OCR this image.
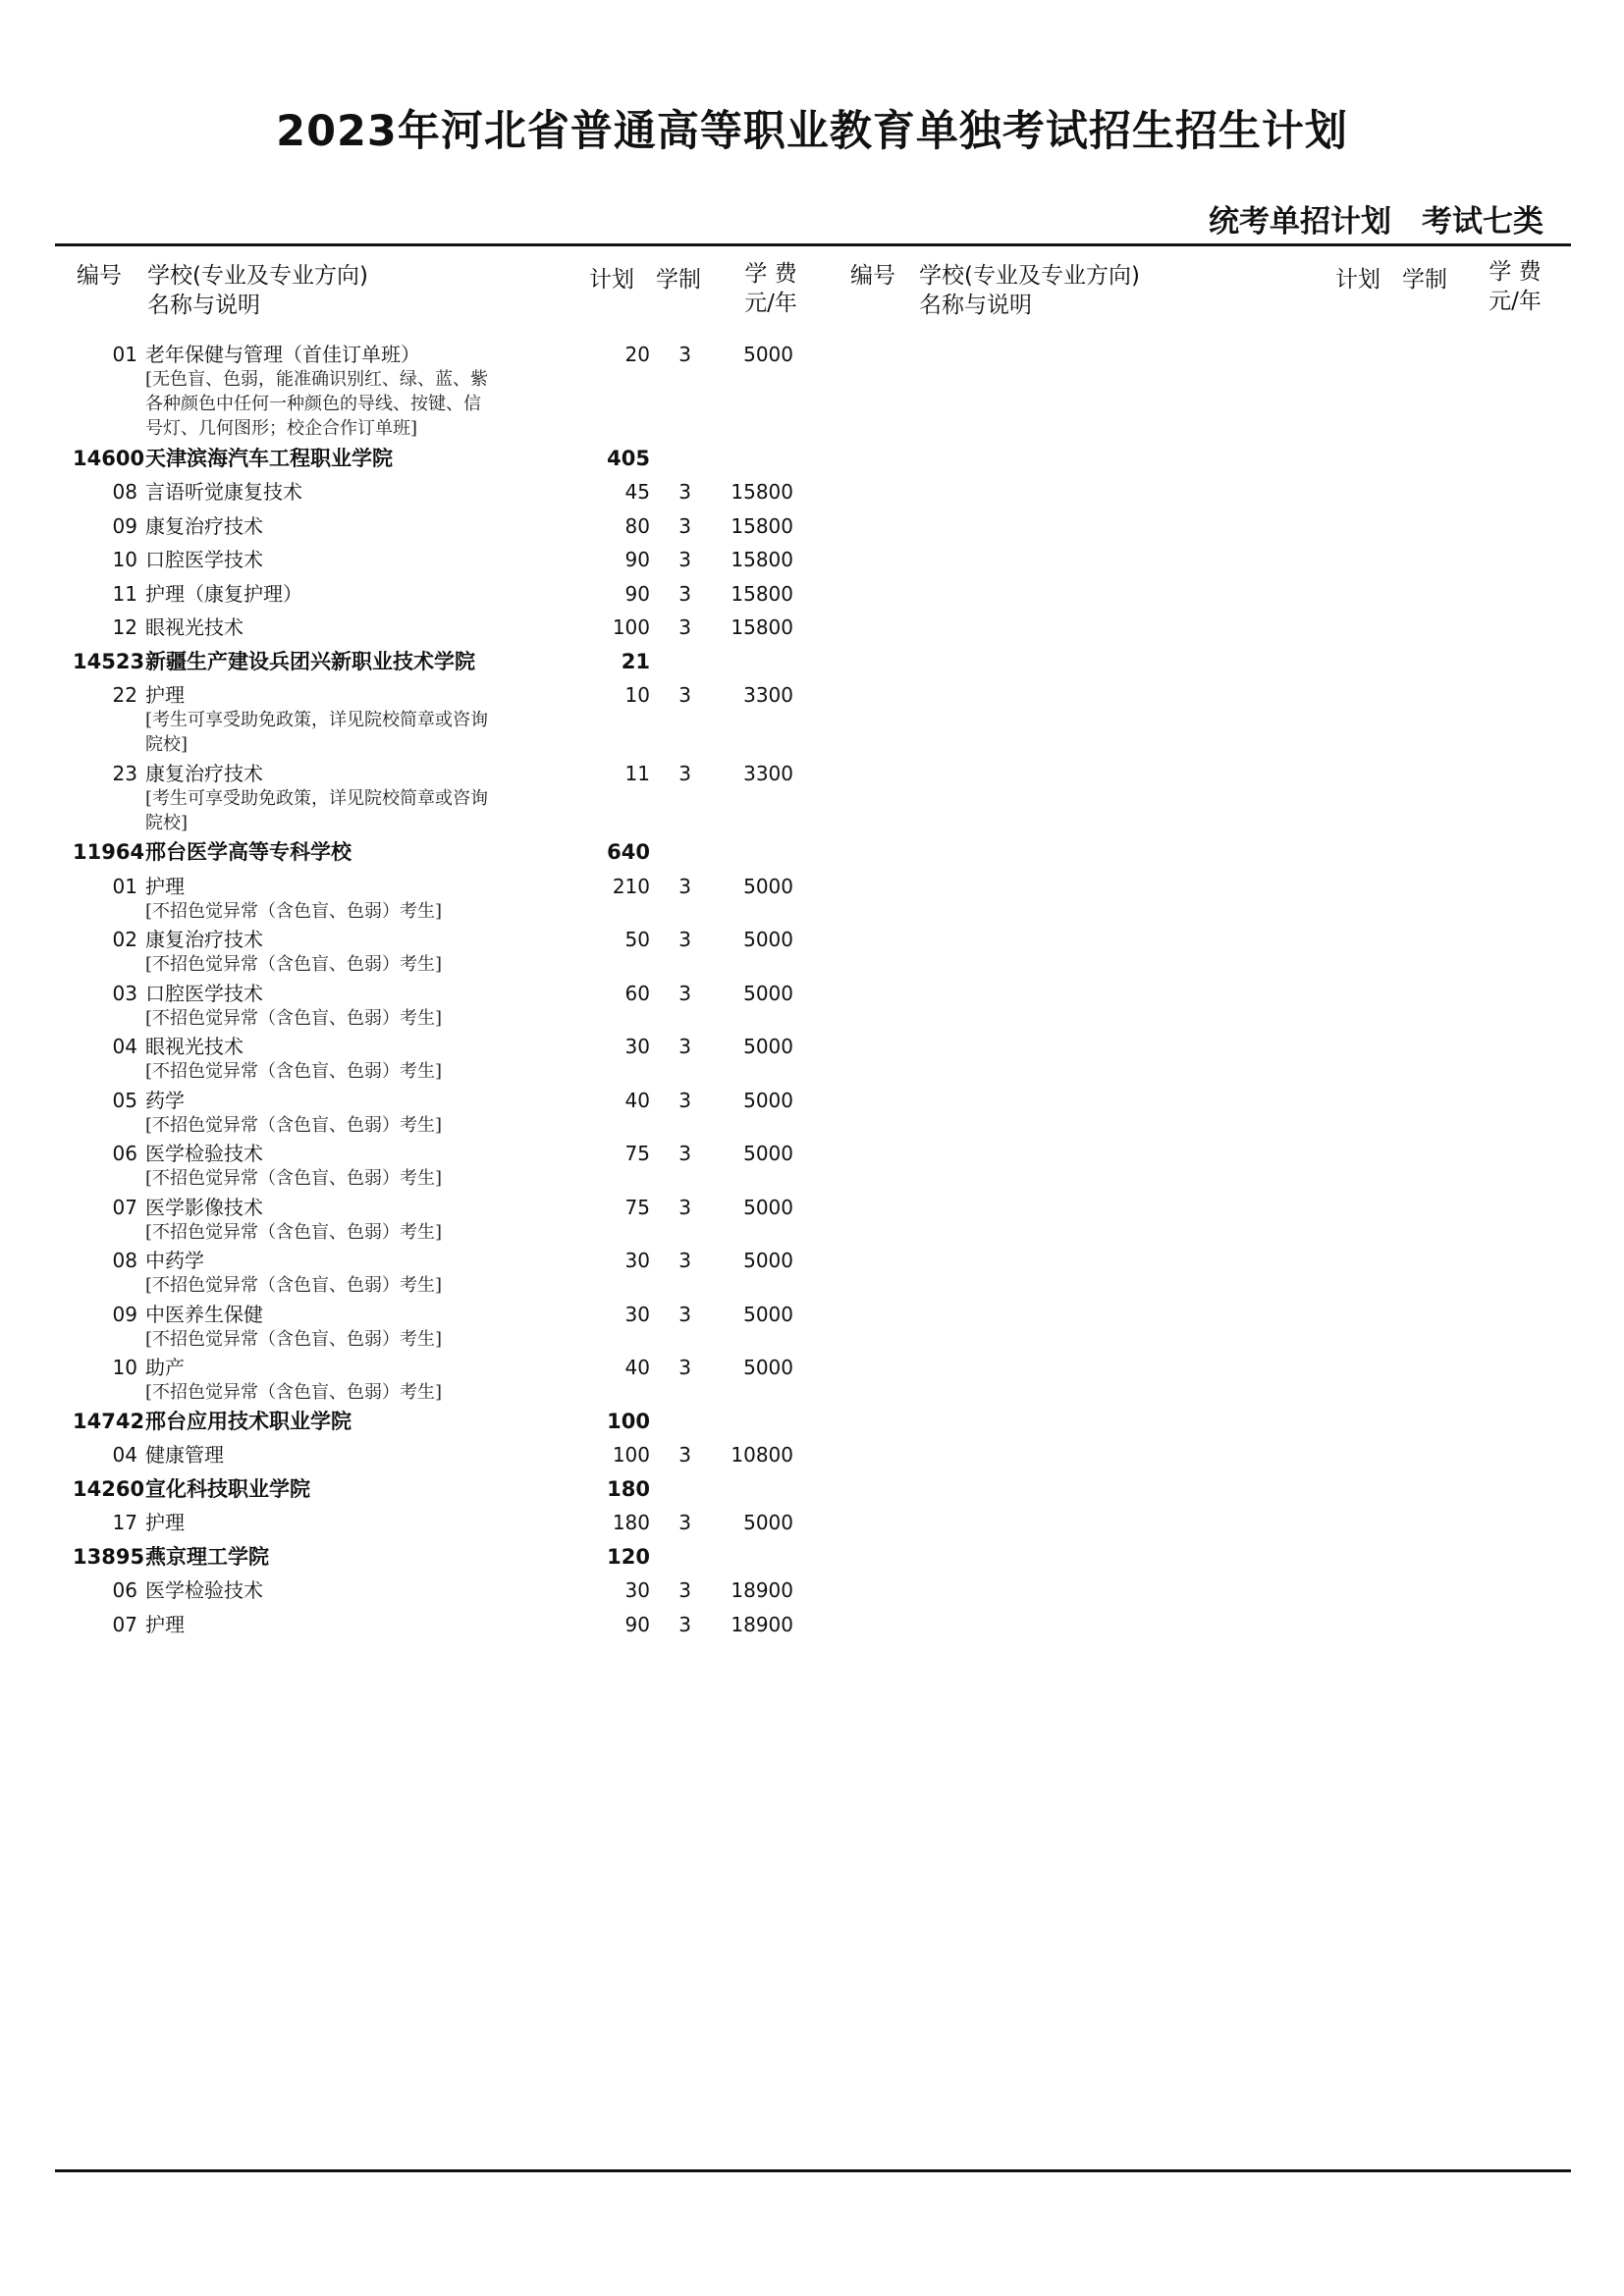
2023年河北省普通高等职业教育单独考试招生招生计划
统考单招计划　考试七类
编号 学校(专业及专业方向)
名称与说明
计划 学制	学 费
元/年
编号 学校(专业及专业方向)
名称与说明
计划 学制	学 费
元/年
01 老年保健与管理（首佳订单班）	20	3	5000
[无色盲、色弱，能准确识别红、绿、蓝、紫
各种颜色中任何一种颜色的导线、按键、信
号灯、几何图形；校企合作订单班]
14600 天津滨海汽车工程职业学院	405
08 言语听觉康复技术	45	3	15800
09 康复治疗技术	80	3	15800
10 口腔医学技术	90	3	15800
11 护理（康复护理）	90	3	15800
12 眼视光技术	100	3	15800
14523 新疆生产建设兵团兴新职业技术学院	21
22 护理	10	3	3300
[考生可享受助免政策，详见院校简章或咨询
院校]
23 康复治疗技术	11	3	3300
[考生可享受助免政策，详见院校简章或咨询
院校]
11964 邢台医学高等专科学校	640
01 护理	210	3	5000
[不招色觉异常（含色盲、色弱）考生]
02 康复治疗技术	50	3	5000
[不招色觉异常（含色盲、色弱）考生]
03 口腔医学技术	60	3	5000
[不招色觉异常（含色盲、色弱）考生]
04 眼视光技术	30	3	5000
[不招色觉异常（含色盲、色弱）考生]
05 药学	40	3	5000
[不招色觉异常（含色盲、色弱）考生]
06 医学检验技术	75	3	5000
[不招色觉异常（含色盲、色弱）考生]
07 医学影像技术	75	3	5000
[不招色觉异常（含色盲、色弱）考生]
08 中药学	30	3	5000
[不招色觉异常（含色盲、色弱）考生]
09 中医养生保健	30	3	5000
[不招色觉异常（含色盲、色弱）考生]
10 助产	40	3	5000
[不招色觉异常（含色盲、色弱）考生]
14742 邢台应用技术职业学院	100
04 健康管理	100	3	10800
14260 宣化科技职业学院	180
17 护理	180	3	5000
13895 燕京理工学院	120
06 医学检验技术	30	3	18900
07 护理	90	3	18900
